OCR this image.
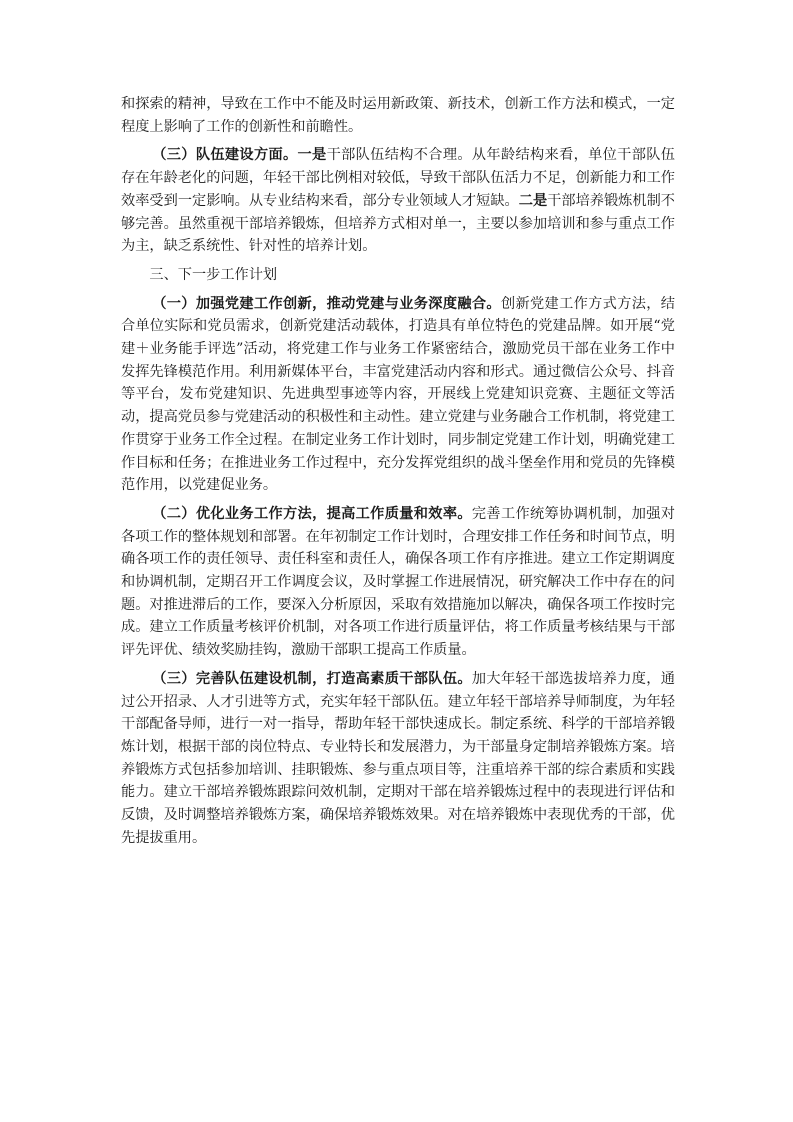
和探索的精神，导致在工作中不能及时运用新政策、新技术，创新工作方法和模式，一定程度上影响了工作的创新性和前瞻性。

（三）队伍建设方面。一是干部队伍结构不合理。从年龄结构来看，单位干部队伍存在年龄老化的问题，年轻干部比例相对较低，导致干部队伍活力不足，创新能力和工作效率受到一定影响。从专业结构来看，部分专业领域人才短缺。二是干部培养锻炼机制不够完善。虽然重视干部培养锻炼，但培养方式相对单一，主要以参加培训和参与重点工作为主，缺乏系统性、针对性的培养计划。

三、下一步工作计划

（一）加强党建工作创新，推动党建与业务深度融合。创新党建工作方式方法，结合单位实际和党员需求，创新党建活动载体，打造具有单位特色的党建品牌。如开展“党建＋业务能手评选”活动，将党建工作与业务工作紧密结合，激励党员干部在业务工作中发挥先锋模范作用。利用新媒体平台，丰富党建活动内容和形式。通过微信公众号、抖音等平台，发布党建知识、先进典型事迹等内容，开展线上党建知识竞赛、主题征文等活动，提高党员参与党建活动的积极性和主动性。建立党建与业务融合工作机制，将党建工作贯穿于业务工作全过程。在制定业务工作计划时，同步制定党建工作计划，明确党建工作目标和任务；在推进业务工作过程中，充分发挥党组织的战斗堡垒作用和党员的先锋模范作用，以党建促业务。

（二）优化业务工作方法，提高工作质量和效率。完善工作统筹协调机制，加强对各项工作的整体规划和部署。在年初制定工作计划时，合理安排工作任务和时间节点，明确各项工作的责任领导、责任科室和责任人，确保各项工作有序推进。建立工作定期调度和协调机制，定期召开工作调度会议，及时掌握工作进展情况，研究解决工作中存在的问题。对推进滞后的工作，要深入分析原因，采取有效措施加以解决，确保各项工作按时完成。建立工作质量考核评价机制，对各项工作进行质量评估，将工作质量考核结果与干部评先评优、绩效奖励挂钩，激励干部职工提高工作质量。

（三）完善队伍建设机制，打造高素质干部队伍。加大年轻干部选拔培养力度，通过公开招录、人才引进等方式，充实年轻干部队伍。建立年轻干部培养导师制度，为年轻干部配备导师，进行一对一指导，帮助年轻干部快速成长。制定系统、科学的干部培养锻炼计划，根据干部的岗位特点、专业特长和发展潜力，为干部量身定制培养锻炼方案。培养锻炼方式包括参加培训、挂职锻炼、参与重点项目等，注重培养干部的综合素质和实践能力。建立干部培养锻炼跟踪问效机制，定期对干部在培养锻炼过程中的表现进行评估和反馈，及时调整培养锻炼方案，确保培养锻炼效果。对在培养锻炼中表现优秀的干部，优先提拔重用。
